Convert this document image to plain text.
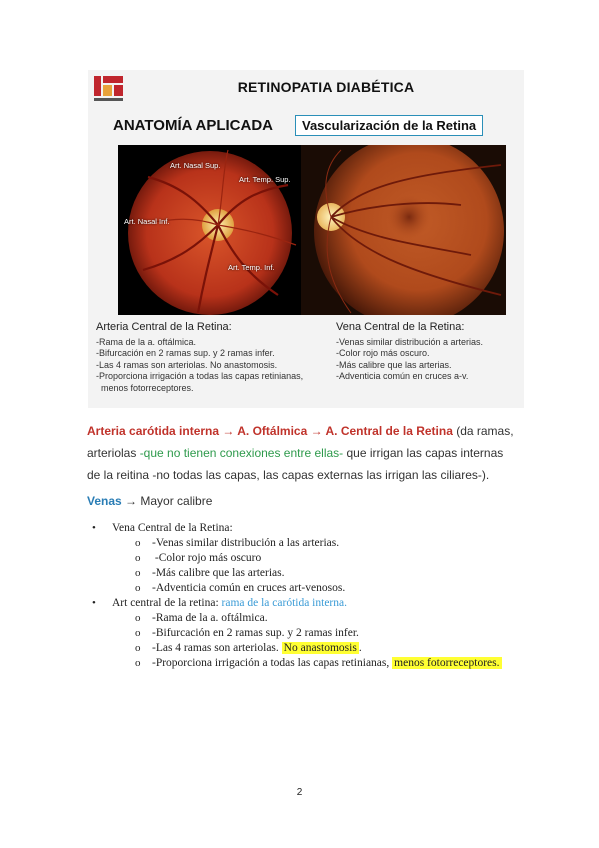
RETINOPATIA DIABÉTICA
ANATOMÍA APLICADA	Vascularización de la Retina
Art. Nasal Sup.
Art. Temp. Sup.
Art. Nasal Inf.
Art. Temp. Inf.
Arteria Central de la Retina:
-Rama de la a. oftálmica.
-Bifurcación en 2 ramas sup. y 2 ramas infer.
-Las 4 ramas son arteriolas. No anastomosis.
-Proporciona irrigación a todas las capas retinianas,
menos fotorreceptores.
Vena Central de la Retina:
-Venas similar distribución a arterias.
-Color rojo más oscuro.
-Más calibre que las arterias.
-Adventicia común en cruces a-v.
Arteria carótida interna → A. Oftálmica → A. Central de la Retina (da ramas, arteriolas -que no tienen conexiones entre ellas- que irrigan las capas internas de la reitina -no todas las capas, las capas externas las irrigan las ciliares-).
Venas → Mayor calibre
• Vena Central de la Retina:
o -Venas similar distribución a las arterias.
o -Color rojo más oscuro
o -Más calibre que las arterias.
o -Adventicia común en cruces art-venosos.
• Art central de la retina: rama de la carótida interna.
o -Rama de la a. oftálmica.
o -Bifurcación en 2 ramas sup. y 2 ramas infer.
o -Las 4 ramas son arteriolas. No anastomosis .
o -Proporciona irrigación a todas las capas retinianas, menos fotorreceptores.
2
